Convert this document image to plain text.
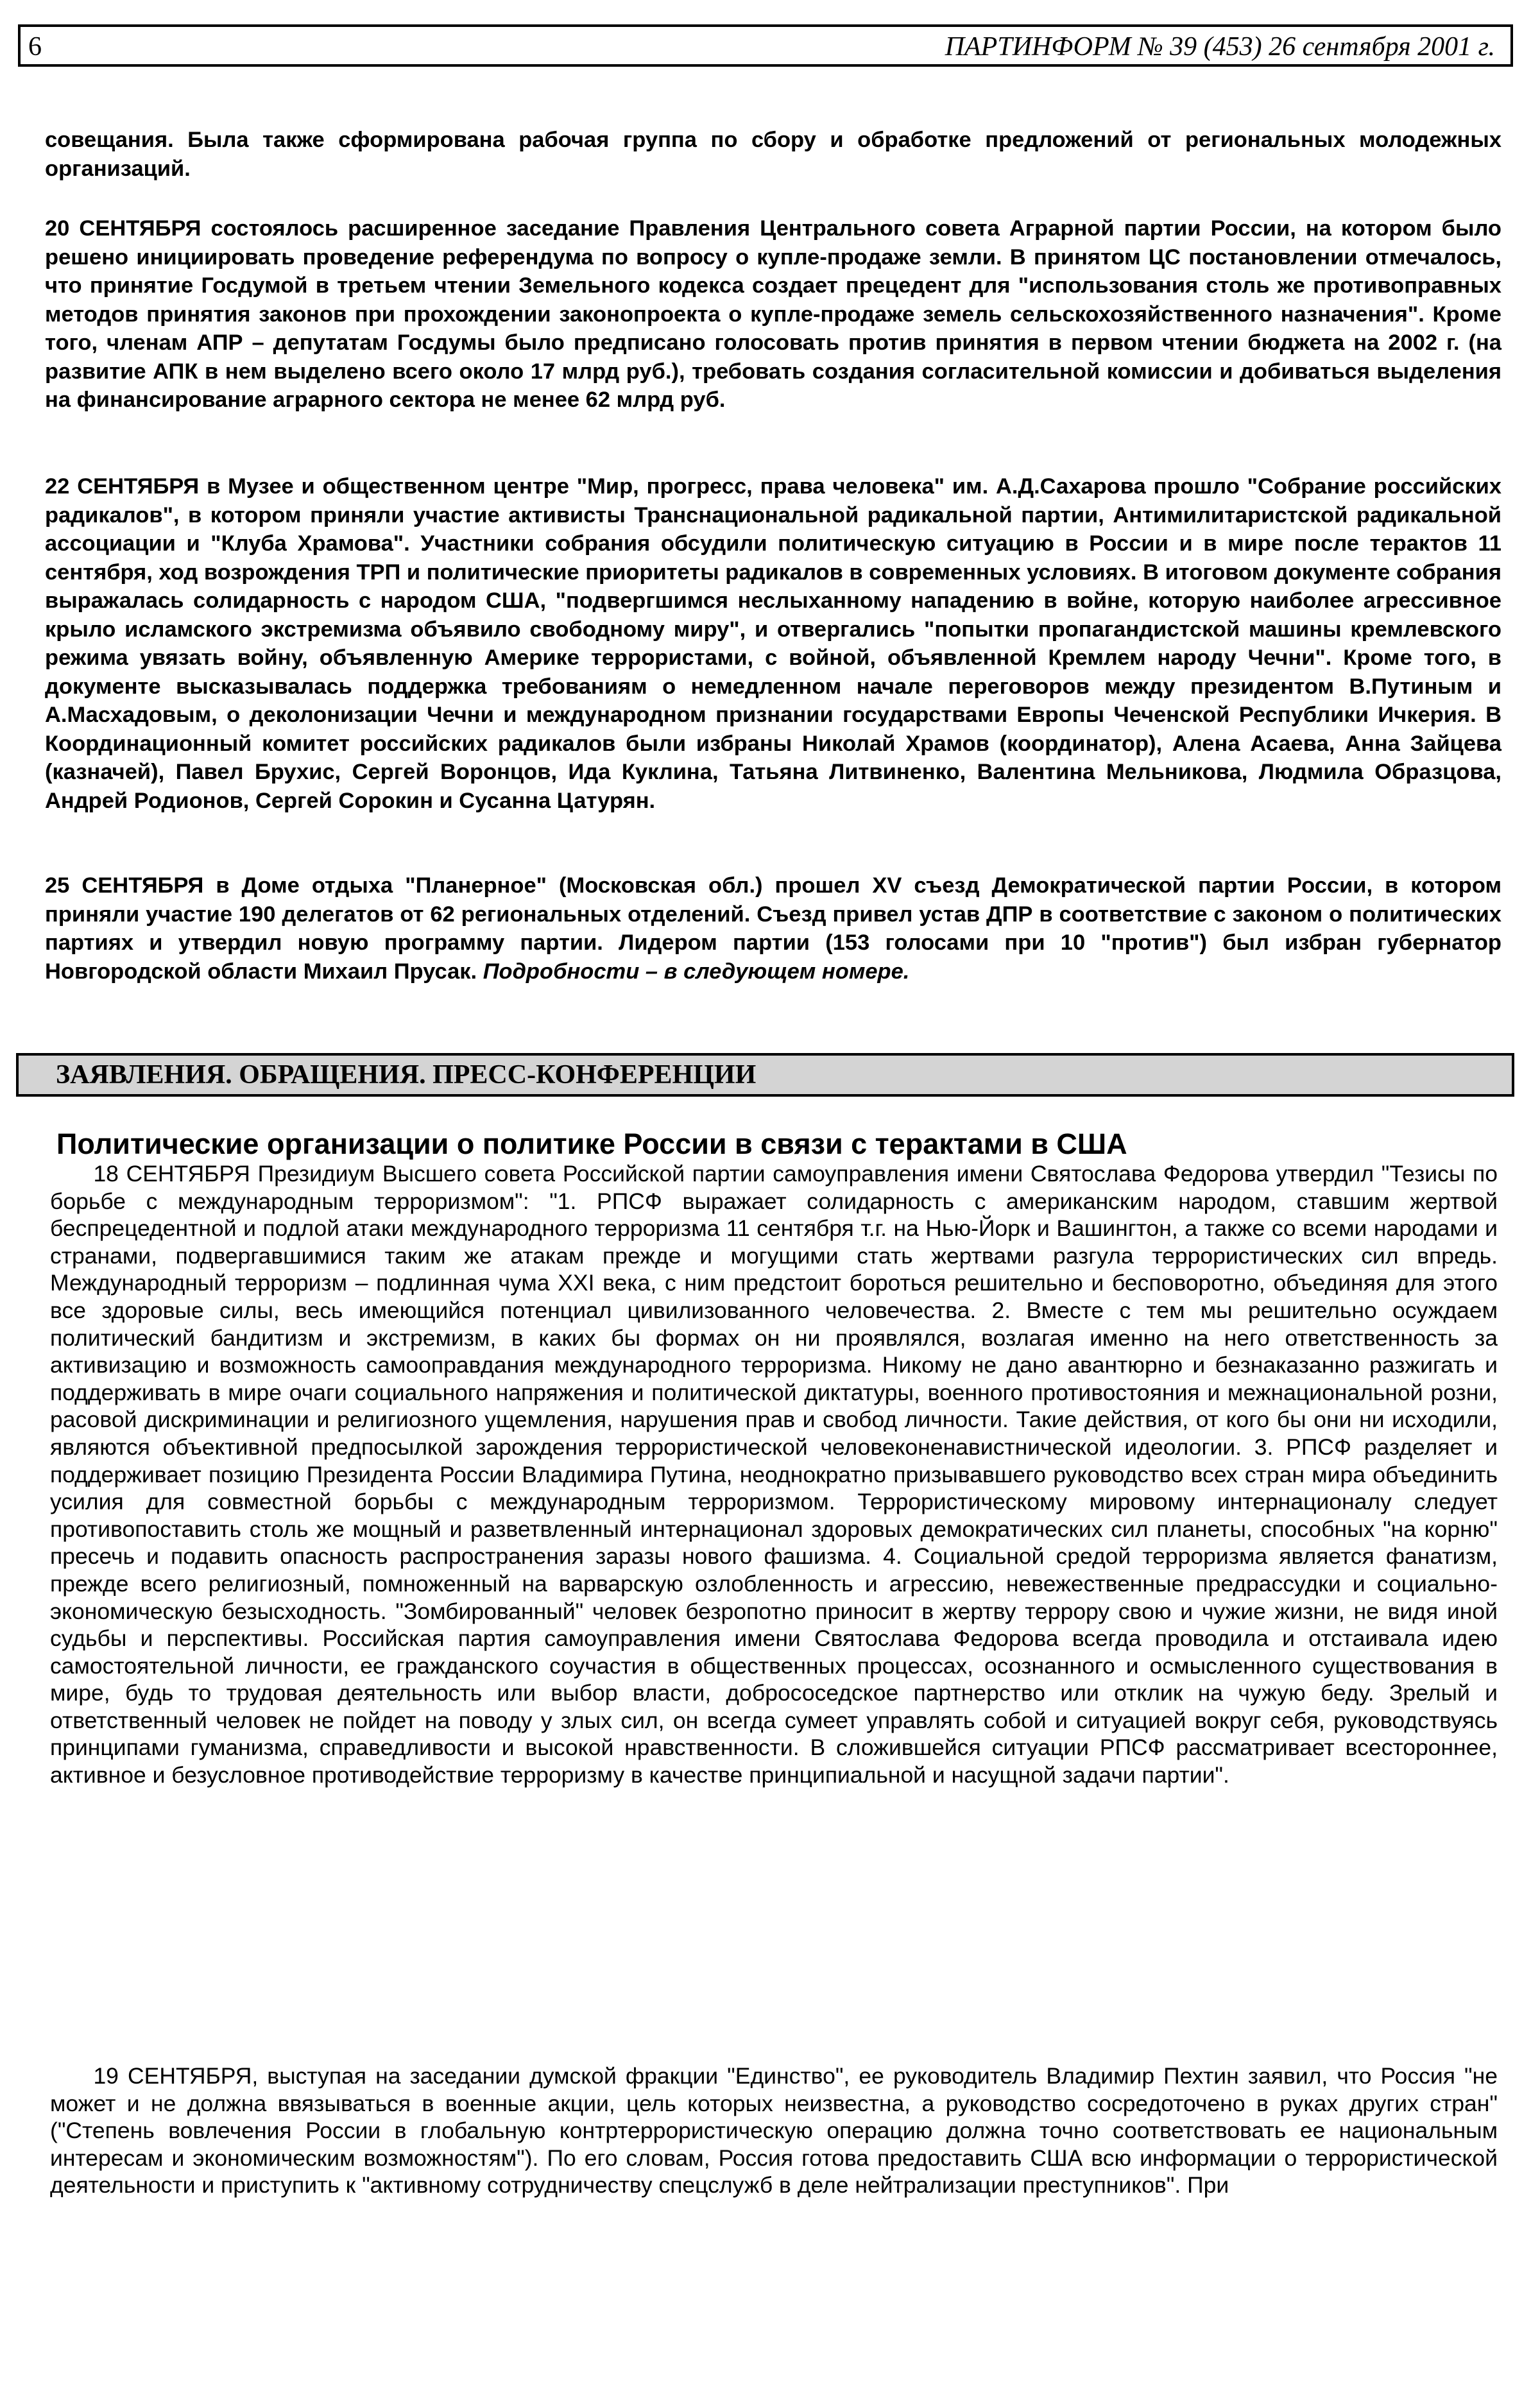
6	ПАРТИНФОРМ № 39 (453) 26 сентября 2001 г.

совещания. Была также сформирована рабочая группа по сбору и обработке предложений от региональных молодежных организаций.

20 СЕНТЯБРЯ состоялось расширенное заседание Правления Центрального совета Аграрной партии России, на котором было решено инициировать проведение референдума по вопросу о купле-продаже земли. В принятом ЦС постановлении отмечалось, что принятие Госдумой в третьем чтении Земельного кодекса создает прецедент для "использования столь же противоправных методов принятия законов при прохождении законопроекта о купле-продаже земель сельскохозяйственного назначения". Кроме того, членам АПР – депутатам Госдумы было предписано голосовать против принятия в первом чтении бюджета на 2002 г. (на развитие АПК в нем выделено всего около 17 млрд руб.), требовать создания согласительной комиссии и добиваться выделения на финансирование аграрного сектора не менее 62 млрд руб.

22 СЕНТЯБРЯ в Музее и общественном центре "Мир, прогресс, права человека" им. А.Д.Сахарова прошло "Собрание российских радикалов", в котором приняли участие активисты Транснациональной радикальной партии, Антимилитаристской радикальной ассоциации и "Клуба Храмова". Участники собрания обсудили политическую ситуацию в России и в мире после терактов 11 сентября, ход возрождения ТРП и политические приоритеты радикалов в современных условиях. В итоговом документе собрания выражалась солидарность с народом США, "подвергшимся неслыханному нападению в войне, которую наиболее агрессивное крыло исламского экстремизма объявило свободному миру", и отвергались "попытки пропагандистской машины кремлевского режима увязать войну, объявленную Америке террористами, с войной, объявленной Кремлем народу Чечни". Кроме того, в документе высказывалась поддержка требованиям о немедленном начале переговоров между президентом В.Путиным и А.Масхадовым, о деколонизации Чечни и международном признании государствами Европы Чеченской Республики Ичкерия. В Координационный комитет российских радикалов были избраны Николай Храмов (координатор), Алена Асаева, Анна Зайцева (казначей), Павел Брухис, Сергей Воронцов, Ида Куклина, Татьяна Литвиненко, Валентина Мельникова, Людмила Образцова, Андрей Родионов, Сергей Сорокин и Сусанна Цатурян.

25 СЕНТЯБРЯ в Доме отдыха "Планерное" (Московская обл.) прошел XV съезд Демократической партии России, в котором приняли участие 190 делегатов от 62 региональных отделений. Съезд привел устав ДПР в соответствие с законом о политических партиях и утвердил новую программу партии. Лидером партии (153 голосами при 10 "против") был избран губернатор Новгородской области Михаил Прусак. Подробности – в следующем номере.

ЗАЯВЛЕНИЯ. ОБРАЩЕНИЯ. ПРЕСС-КОНФЕРЕНЦИИ
Политические организации о политике России в связи с терактами в США

18 СЕНТЯБРЯ Президиум Высшего совета Российской партии самоуправления имени Святослава Федорова утвердил "Тезисы по борьбе с международным терроризмом": "1. РПСФ выражает солидарность с американским народом, ставшим жертвой беспрецедентной и подлой атаки международного терроризма 11 сентября т.г. на Нью-Йорк и Вашингтон, а также со всеми народами и странами, подвергавшимися таким же атакам прежде и могущими стать жертвами разгула террористических сил впредь. Международный терроризм – подлинная чума XXI века, с ним предстоит бороться решительно и бесповоротно, объединяя для этого все здоровые силы, весь имеющийся потенциал цивилизованного человечества. 2. Вместе с тем мы решительно осуждаем политический бандитизм и экстремизм, в каких бы формах он ни проявлялся, возлагая именно на него ответственность за активизацию и возможность самооправдания международного терроризма. Никому не дано авантюрно и безнаказанно разжигать и поддерживать в мире очаги социального напряжения и политической диктатуры, военного противостояния и межнациональной розни, расовой дискриминации и религиозного ущемления, нарушения прав и свобод личности. Такие действия, от кого бы они ни исходили, являются объективной предпосылкой зарождения террористической человеконенавистнической идеологии. 3. РПСФ разделяет и поддерживает позицию Президента России Владимира Путина, неоднократно призывавшего руководство всех стран мира объединить усилия для совместной борьбы с международным терроризмом. Террористическому мировому интернационалу следует противопоставить столь же мощный и разветвленный интернационал здоровых демократических сил планеты, способных "на корню" пресечь и подавить опасность распространения заразы нового фашизма. 4. Социальной средой терроризма является фанатизм, прежде всего религиозный, помноженный на варварскую озлобленность и агрессию, невежественные предрассудки и социально-экономическую безысходность. "Зомбированный" человек безропотно приносит в жертву террору свою и чужие жизни, не видя иной судьбы и перспективы. Российская партия самоуправления имени Святослава Федорова всегда проводила и отстаивала идею самостоятельной личности, ее гражданского соучастия в общественных процессах, осознанного и осмысленного существования в мире, будь то трудовая деятельность или выбор власти, добрососедское партнерство или отклик на чужую беду. Зрелый и ответственный человек не пойдет на поводу у злых сил, он всегда сумеет управлять собой и ситуацией вокруг себя, руководствуясь принципами гуманизма, справедливости и высокой нравственности. В сложившейся ситуации РПСФ рассматривает всестороннее, активное и безусловное противодействие терроризму в качестве принципиальной и насущной задачи партии".

19 СЕНТЯБРЯ, выступая на заседании думской фракции "Единство", ее руководитель Владимир Пехтин заявил, что Россия "не может и не должна ввязываться в военные акции, цель которых неизвестна, а руководство сосредоточено в руках других стран" ("Степень вовлечения России в глобальную контртеррористическую операцию должна точно соответствовать ее национальным интересам и экономическим возможностям"). По его словам, Россия готова предоставить США всю информации о террористической деятельности и приступить к "активному сотрудничеству спецслужб в деле нейтрализации преступников". При
